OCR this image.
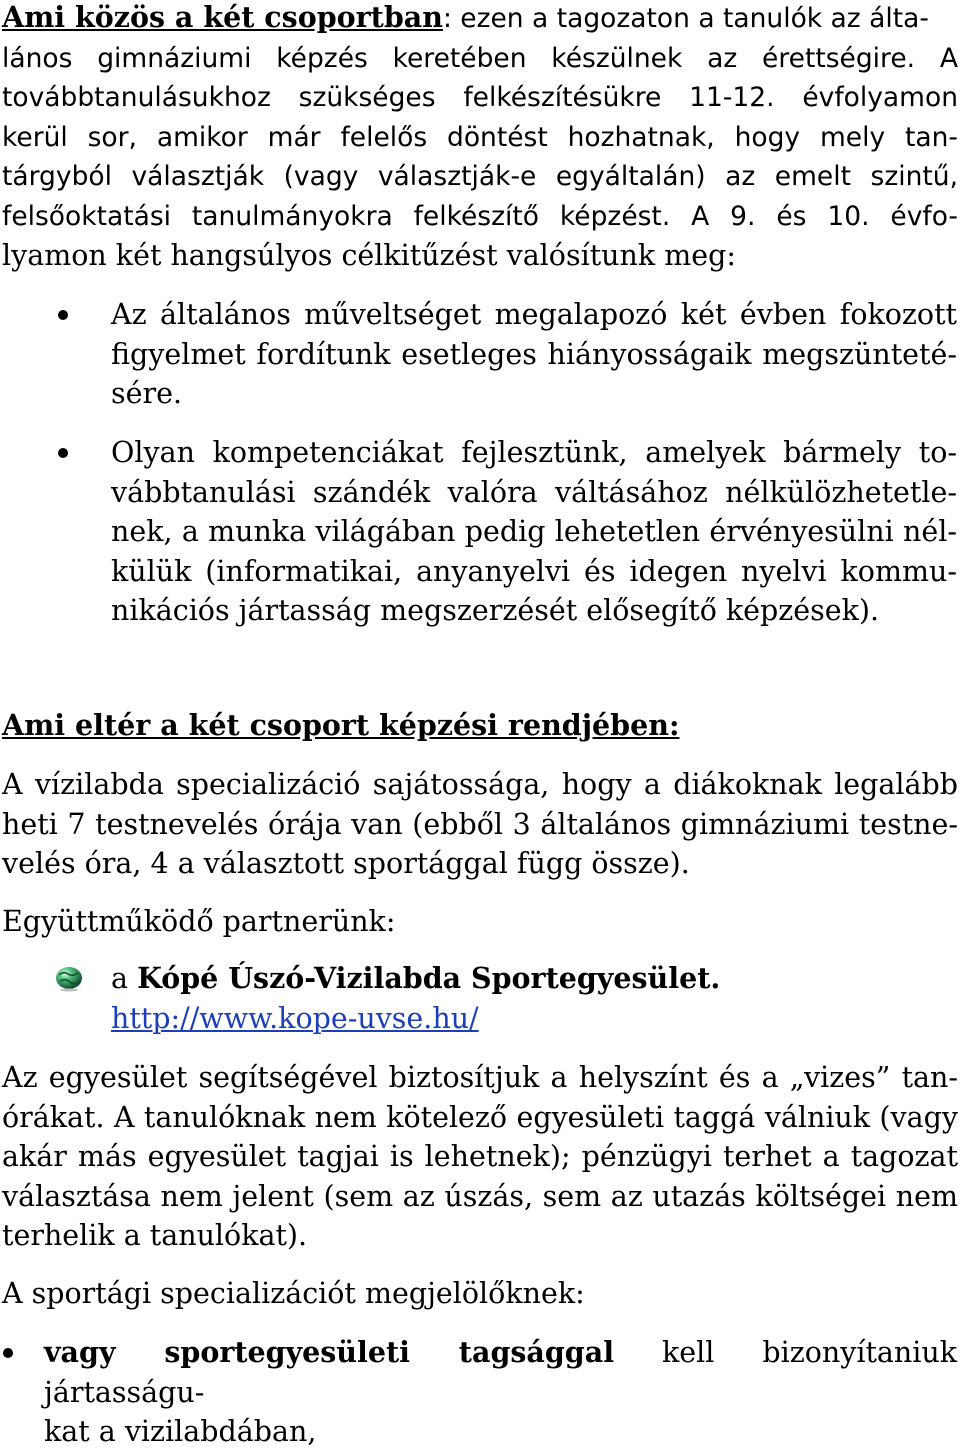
Ami közös a két csoportban: ezen a tagozaton a tanulók az álta-
lános gimnáziumi képzés keretében készülnek az érettségire. A
továbbtanulásukhoz szükséges felkészítésükre 11-12. évfolyamon
kerül sor, amikor már felelős döntést hozhatnak, hogy mely tan-
tárgyból választják (vagy választják-e egyáltalán) az emelt szintű,
felsőoktatási tanulmányokra felkészítő képzést. A 9. és 10. évfo-
lyamon két hangsúlyos célkitűzést valósítunk meg:
Az általános műveltséget megalapozó két évben fokozott
figyelmet fordítunk esetleges hiányosságaik megszünteté-
sére.
Olyan kompetenciákat fejlesztünk, amelyek bármely to-
vábbtanulási szándék valóra váltásához nélkülözhetetle-
nek, a munka világában pedig lehetetlen érvényesülni nél-
külük (informatikai, anyanyelvi és idegen nyelvi kommu-
nikációs jártasság megszerzését elősegítő képzések).
Ami eltér a két csoport képzési rendjében:
A vízilabda specializáció sajátossága, hogy a diákoknak legalább
heti 7 testnevelés órája van (ebből 3 általános gimnáziumi testne-
velés óra, 4 a választott sportággal függ össze).
Együttműködő partnerünk:
a Kópé Úszó-Vizilabda Sportegyesület.
http://www.kope-uvse.hu/
Az egyesület segítségével biztosítjuk a helyszínt és a „vizes” tan-
órákat. A tanulóknak nem kötelező egyesületi taggá válniuk (vagy
akár más egyesület tagjai is lehetnek); pénzügyi terhet a tagozat
választása nem jelent (sem az úszás, sem az utazás költségei nem
terhelik a tanulókat).
A sportági specializációt megjelölőknek:
vagy sportegyesületi tagsággal kell bizonyítaniuk jártasságu-
kat a vizilabdában,
